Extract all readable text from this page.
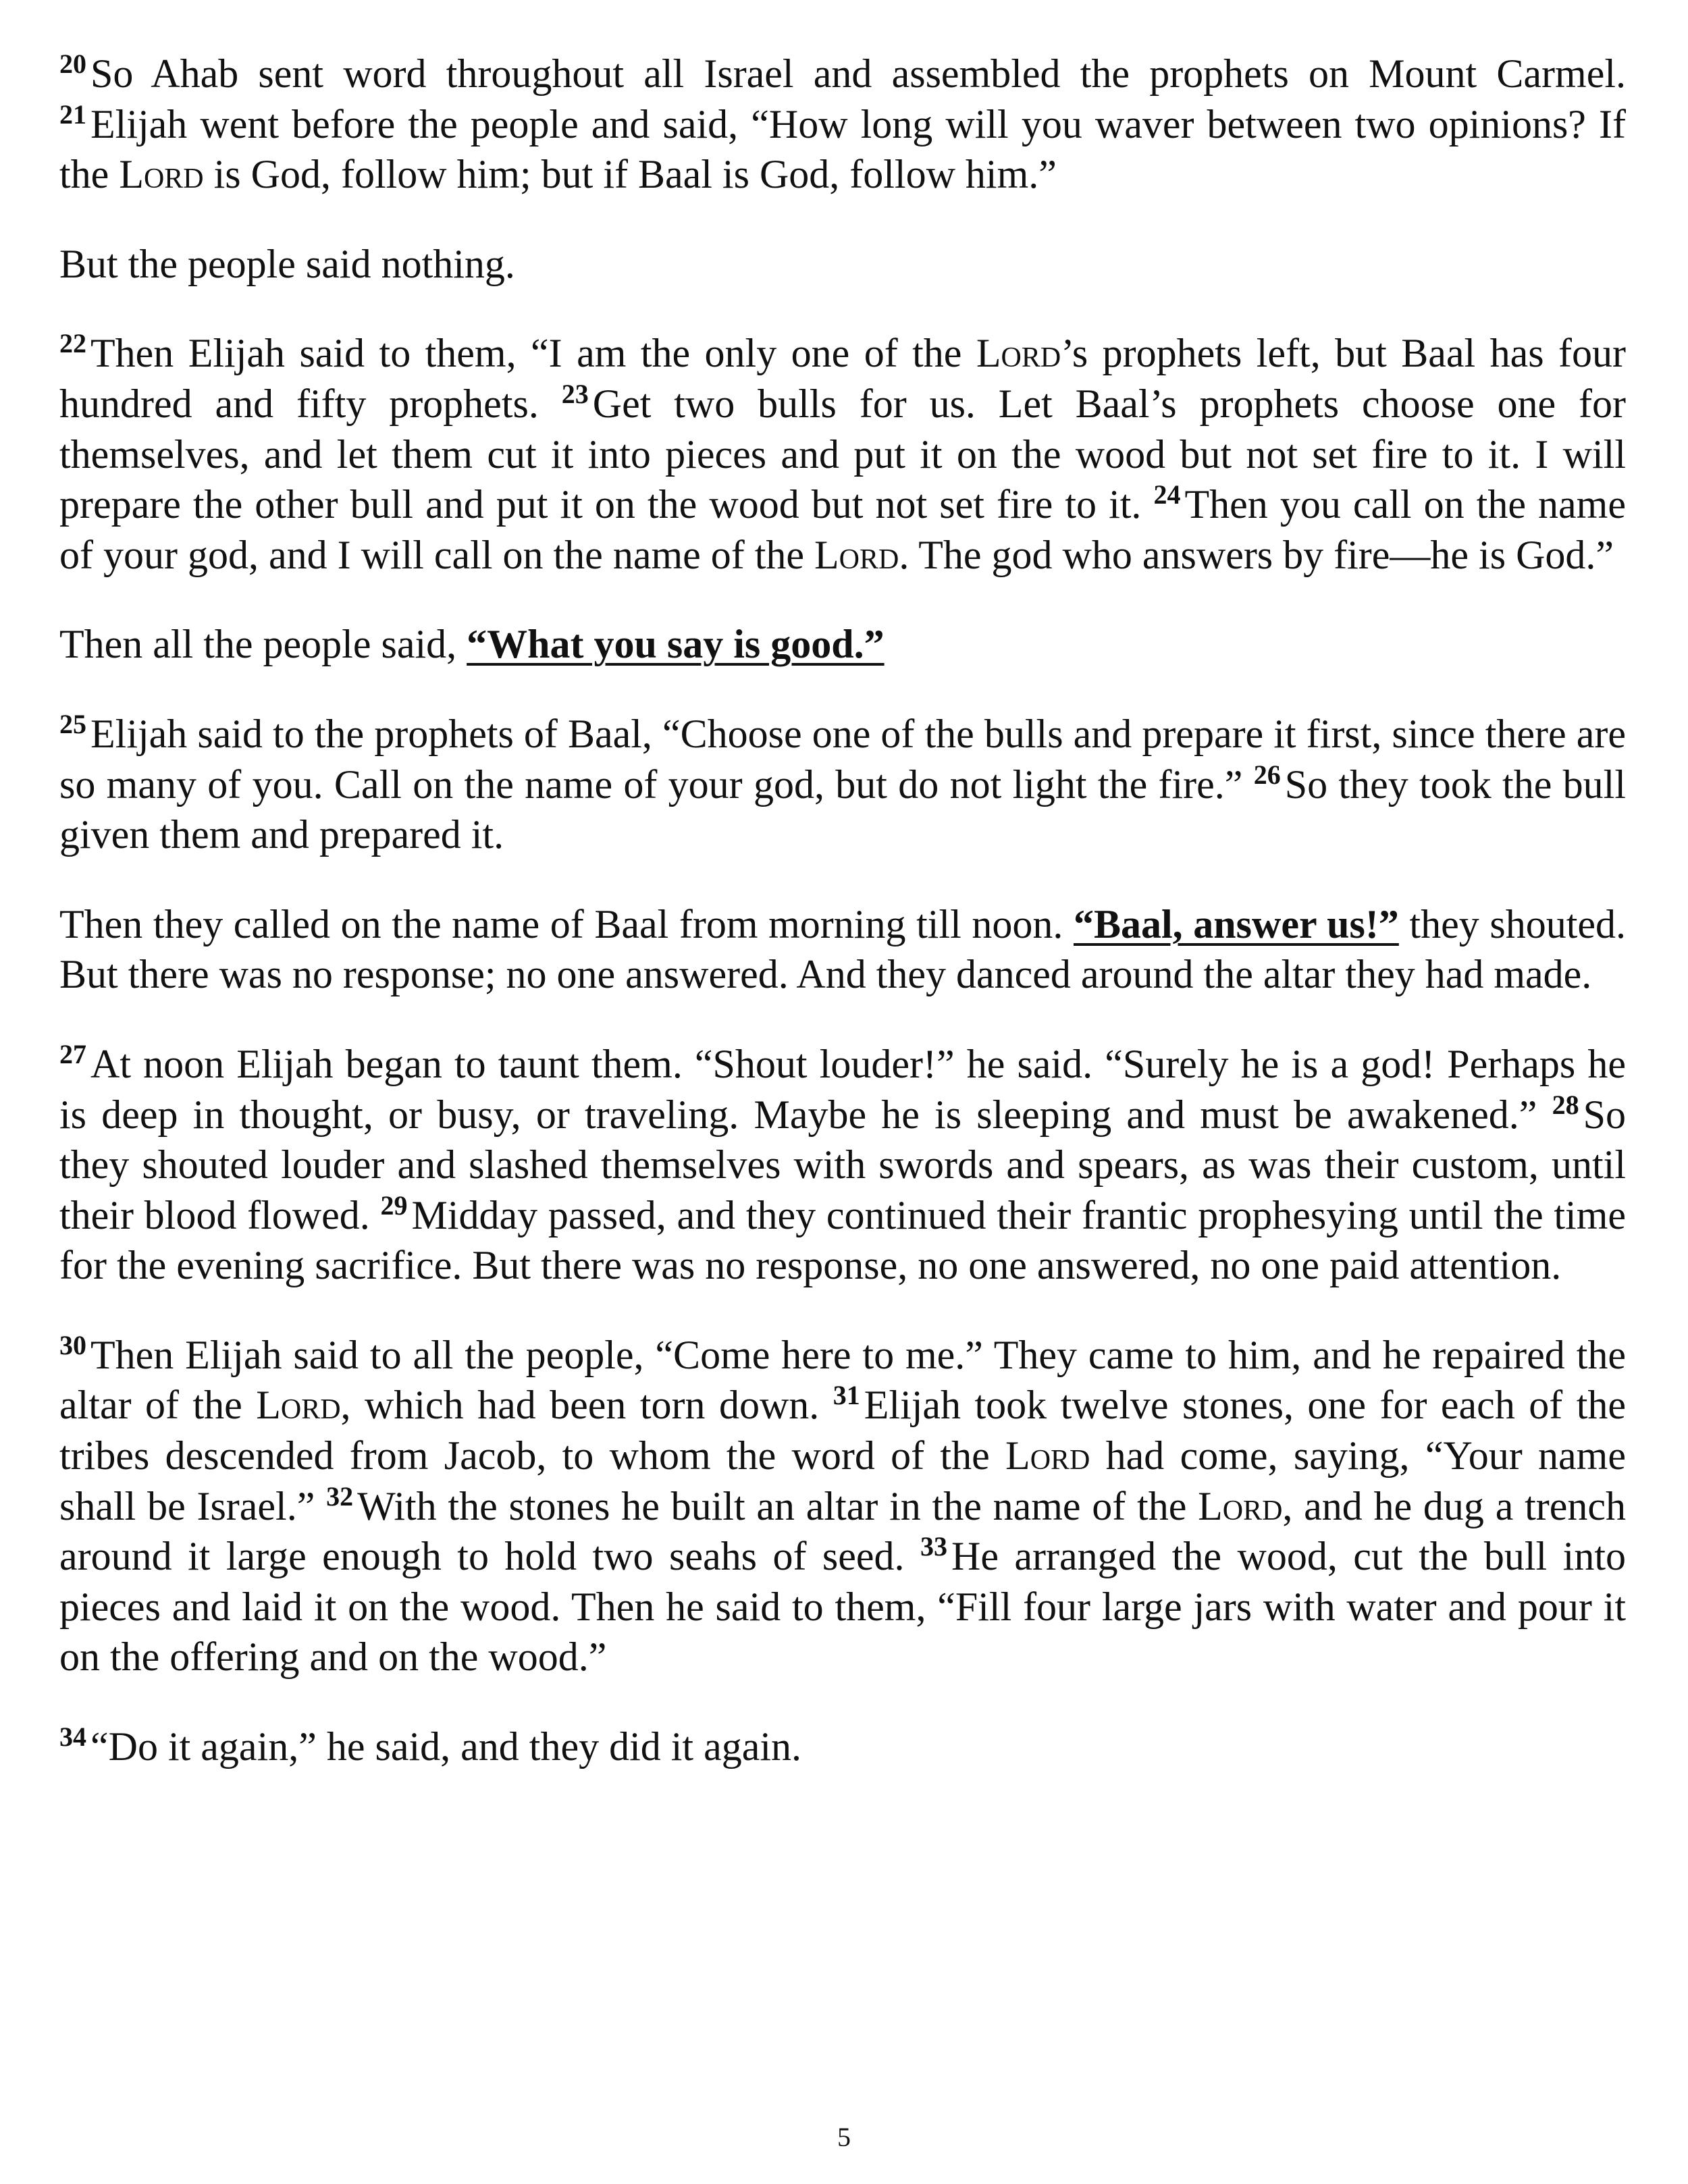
$^{20}$ So Ahab sent word throughout all Israel and assembled the prophets on Mount Carmel. $^{21}$ Elijah went before the people and said, “How long will you waver between two opinions? If the Lord is God, follow him; but if Baal is God, follow him.”

But the people said nothing.

$^{22}$ Then Elijah said to them, “I am the only one of the Lord’s prophets left, but Baal has four hundred and fifty prophets. $^{23}$ Get two bulls for us. Let Baal’s prophets choose one for themselves, and let them cut it into pieces and put it on the wood but not set fire to it. I will prepare the other bull and put it on the wood but not set fire to it. $^{24}$ Then you call on the name of your god, and I will call on the name of the Lord. The god who answers by fire—he is God.”

Then all the people said, “What you say is good.”

$^{25}$ Elijah said to the prophets of Baal, “Choose one of the bulls and prepare it first, since there are so many of you. Call on the name of your god, but do not light the fire.” $^{26}$ So they took the bull given them and prepared it.

Then they called on the name of Baal from morning till noon. “Baal, answer us!” they shouted. But there was no response; no one answered. And they danced around the altar they had made.

$^{27}$ At noon Elijah began to taunt them. “Shout louder!” he said. “Surely he is a god! Perhaps he is deep in thought, or busy, or traveling. Maybe he is sleeping and must be awakened.” $^{28}$ So they shouted louder and slashed themselves with swords and spears, as was their custom, until their blood flowed. $^{29}$ Midday passed, and they continued their frantic prophesying until the time for the evening sacrifice. But there was no response, no one answered, no one paid attention.

$^{30}$ Then Elijah said to all the people, “Come here to me.” They came to him, and he repaired the altar of the Lord, which had been torn down. $^{31}$ Elijah took twelve stones, one for each of the tribes descended from Jacob, to whom the word of the Lord had come, saying, “Your name shall be Israel.” $^{32}$ With the stones he built an altar in the name of the Lord, and he dug a trench around it large enough to hold two seahs of seed. $^{33}$ He arranged the wood, cut the bull into pieces and laid it on the wood. Then he said to them, “Fill four large jars with water and pour it on the offering and on the wood.”

$^{34}$ “Do it again,” he said, and they did it again.

5
